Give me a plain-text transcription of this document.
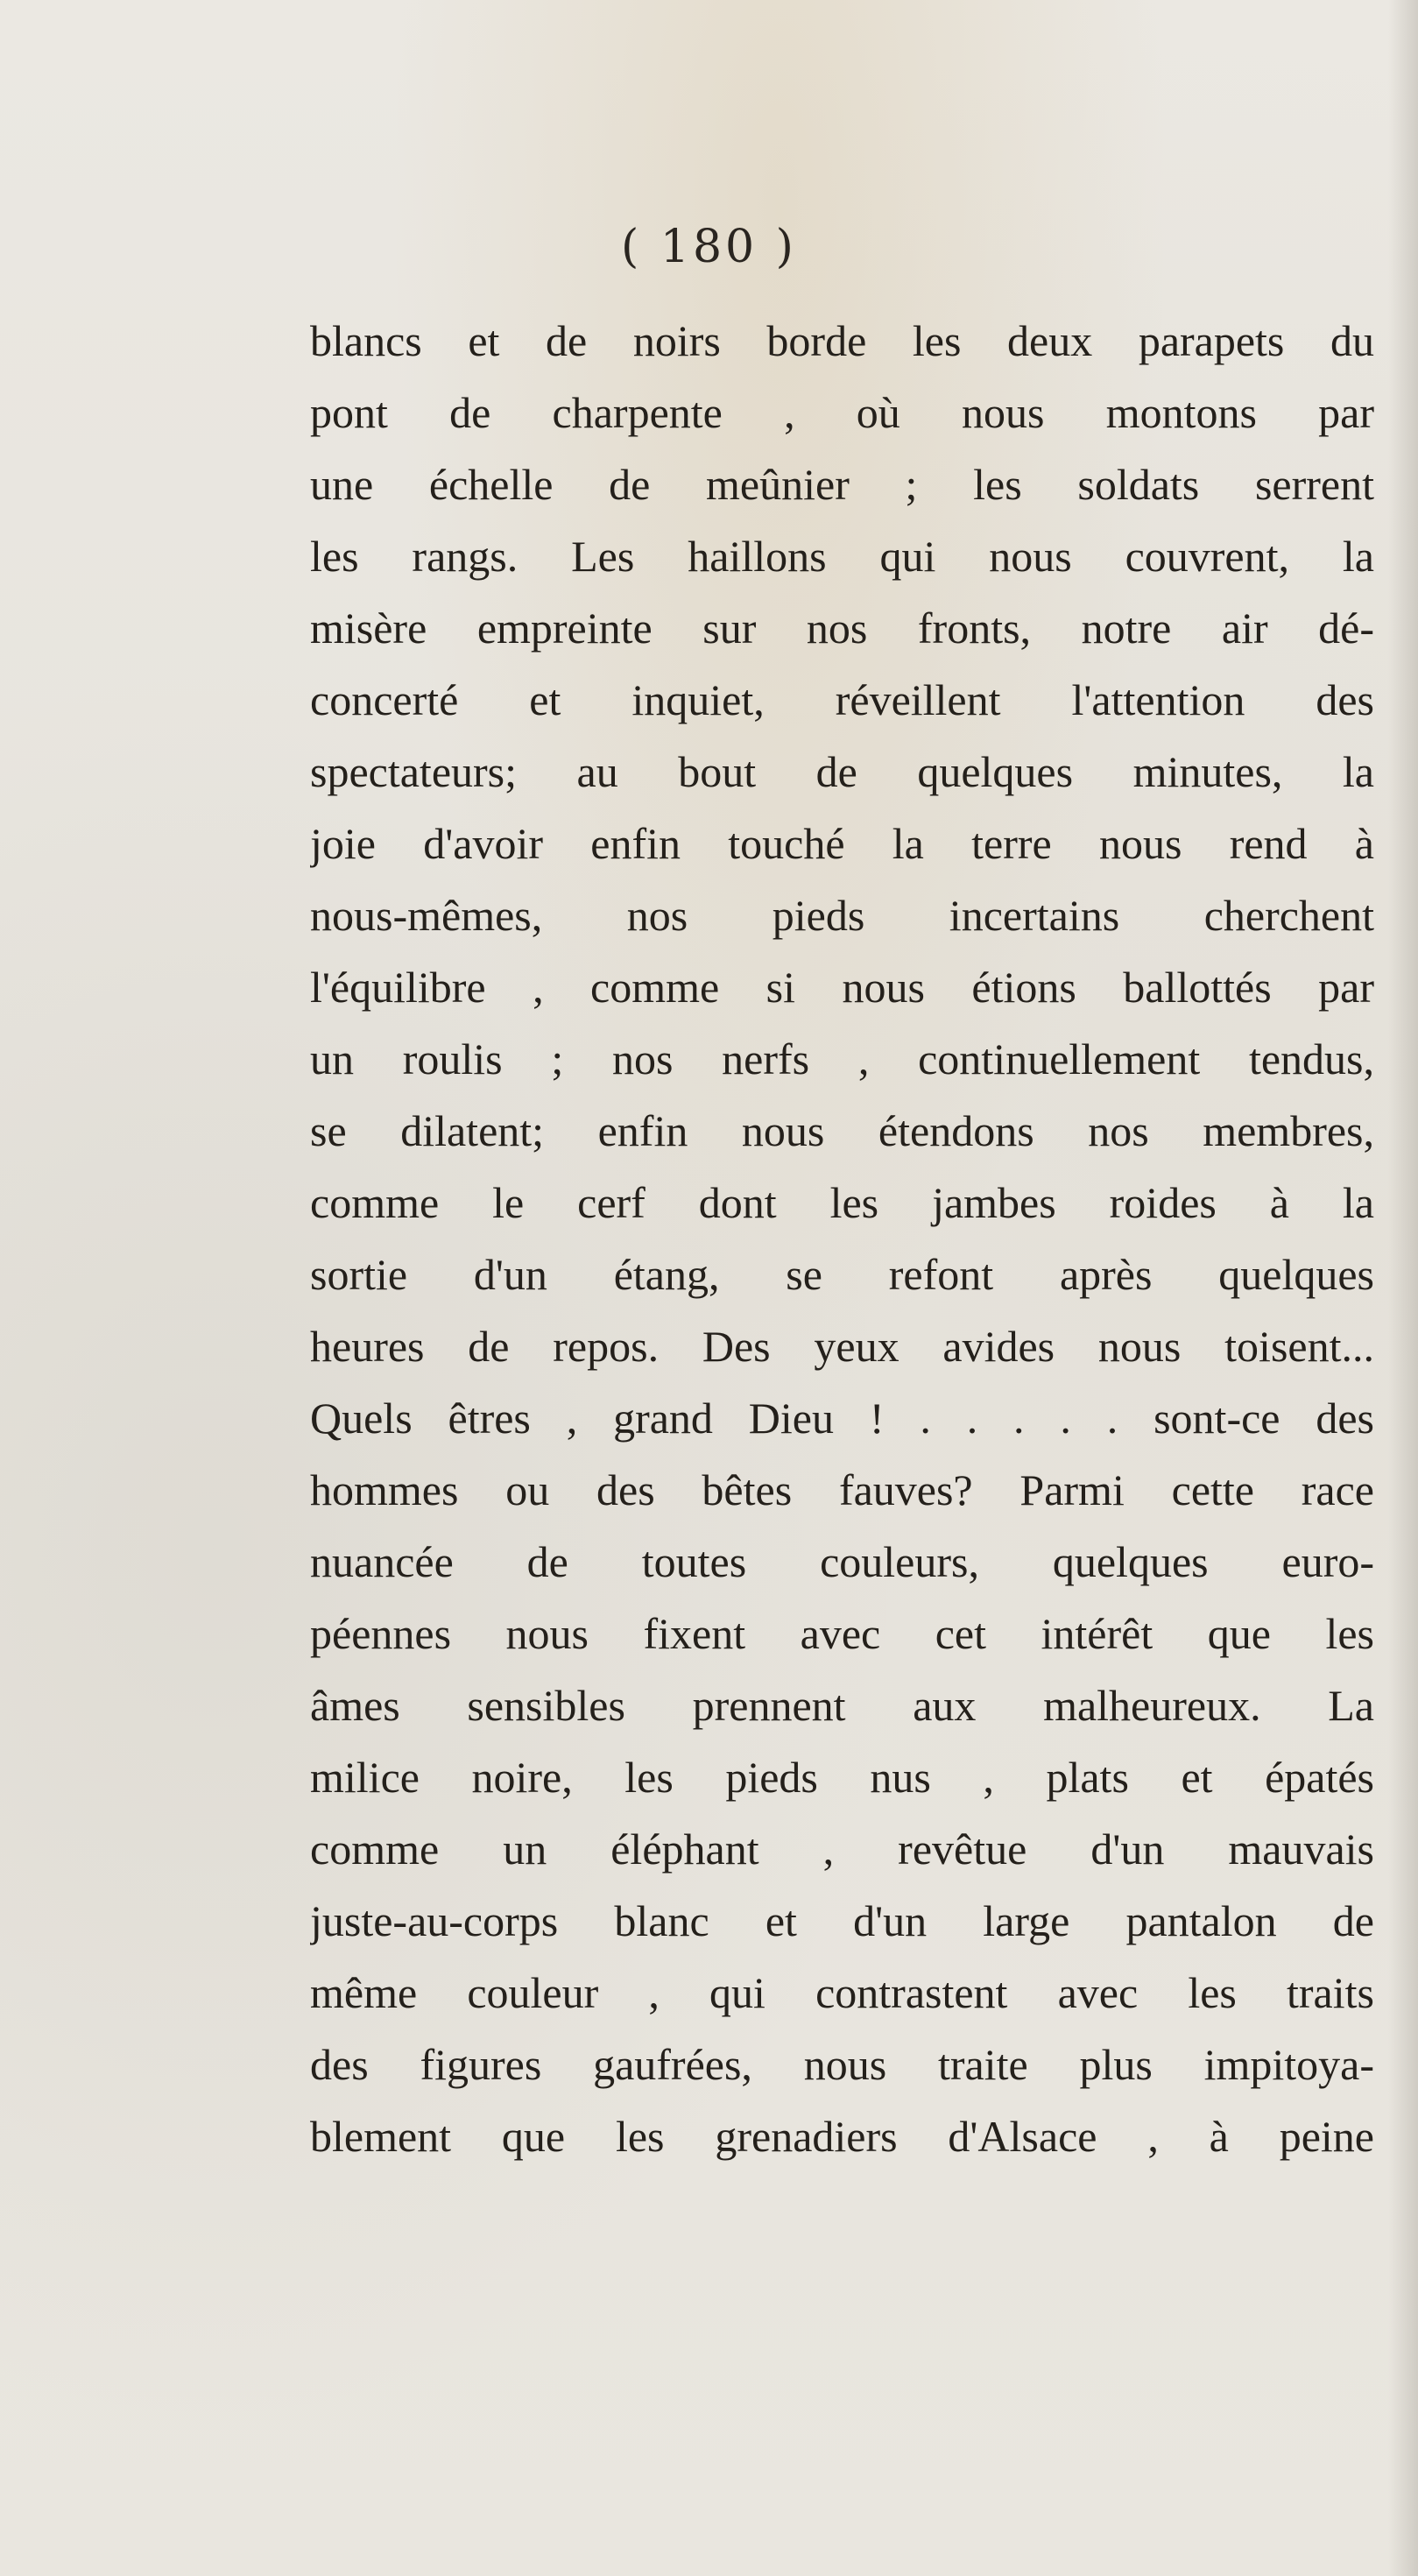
( 180 )
blancs et de noirs borde les deux parapets du
pont de charpente , où nous montons par
une échelle de meûnier ; les soldats serrent
les rangs. Les haillons qui nous couvrent, la
misère empreinte sur nos fronts, notre air dé-
concerté et inquiet, réveillent l'attention des
spectateurs; au bout de quelques minutes, la
joie d'avoir enfin touché la terre nous rend à
nous-mêmes, nos pieds incertains cherchent
l'équilibre , comme si nous étions ballottés par
un roulis ; nos nerfs , continuellement tendus,
se dilatent; enfin nous étendons nos membres,
comme le cerf dont les jambes roides à la
sortie d'un étang, se refont après quelques
heures de repos. Des yeux avides nous toisent...
Quels êtres , grand Dieu ! . . . . . sont-ce des
hommes ou des bêtes fauves? Parmi cette race
nuancée de toutes couleurs, quelques euro-
péennes nous fixent avec cet intérêt que les
âmes sensibles prennent aux malheureux. La
milice noire, les pieds nus , plats et épatés
comme un éléphant , revêtue d'un mauvais
juste-au-corps blanc et d'un large pantalon de
même couleur , qui contrastent avec les traits
des figures gaufrées, nous traite plus impitoya-
blement que les grenadiers d'Alsace , à peine
